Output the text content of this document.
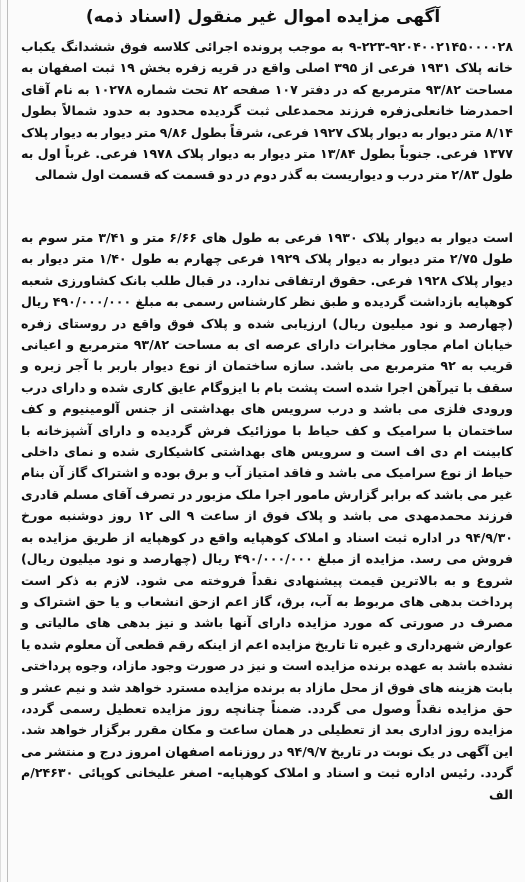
آگهی مزایده اموال غیر منقول (اسناد ذمه)
۹-۲۲۳-۹۲۰۴۰۰۲۱۴۵۰۰۰۰۲۸ به موجب پرونده اجرائی کلاسه فوق ششدانگ یکباب خانه پلاک ۱۹۳۱ فرعی از ۳۹۵ اصلی واقع در قریه زفره بخش ۱۹ ثبت اصفهان به مساحت ۹۳/۸۲ مترمربع که در دفتر ۱۰۷ صفحه ۸۲ تحت شماره ۱۰۲۷۸ به نام آقای احمدرضا خانعلی‌زفره فرزند محمدعلی ثبت گردیده محدود به حدود شمالاً بطول ۸/۱۴ متر دیوار به دیوار پلاک ۱۹۲۷ فرعی، شرقاً بطول ۹/۸۶ متر دیوار به دیوار پلاک ۱۳۷۷ فرعی. جنوباً بطول ۱۳/۸۴ متر دیوار به دیوار پلاک ۱۹۷۸ فرعی. غرباً اول به طول ۲/۸۳ متر درب و دیواریست به گذر دوم در دو قسمت که قسمت اول شمالی
است دیوار به دیوار پلاک ۱۹۳۰ فرعی به طول های ۶/۶۶ متر و ۳/۴۱ متر سوم به طول ۲/۷۵ متر دیوار به دیوار پلاک ۱۹۲۹ فرعی چهارم به طول ۱/۴۰ متر دیوار به دیوار پلاک ۱۹۲۸ فرعی. حقوق ارتفاقی ندارد. در قبال طلب بانک کشاورزی شعبه کوهپایه بازداشت گردیده و طبق نظر کارشناس رسمی به مبلغ ۴۹۰/۰۰۰/۰۰۰ ریال (چهارصد و نود میلیون ریال) ارزیابی شده و پلاک فوق واقع در روستای زفره خیابان امام مجاور مخابرات دارای عرصه ای به مساحت ۹۳/۸۲ مترمربع و اعیانی قریب به ۹۲ مترمربع می باشد. سازه ساختمان از نوع دیوار باربر با آجر زبره و سقف با تیرآهن اجرا شده است پشت بام با ایزوگام عایق کاری شده و دارای درب ورودی فلزی می باشد و درب سرویس های بهداشتی از جنس آلومینیوم و کف ساختمان با سرامیک و کف حیاط با موزائیک فرش گردیده و دارای آشپزخانه با کابینت ام دی اف است و سرویس های بهداشتی کاشیکاری شده و نمای داخلی حیاط از نوع سرامیک می باشد و فاقد امتیاز آب و برق بوده و اشتراک گاز آن بنام غیر می باشد که برابر گزارش مامور اجرا ملک مزبور در تصرف آقای مسلم قادری فرزند محمدمهدی می باشد و پلاک فوق از ساعت ۹ الی ۱۲ روز دوشنبه مورخ ۹۴/۹/۳۰ در اداره ثبت اسناد و املاک کوهپایه واقع در کوهپایه از طریق مزایده به فروش می رسد. مزایده از مبلغ ۴۹۰/۰۰۰/۰۰۰ ریال (چهارصد و نود میلیون ریال) شروع و به بالاترین قیمت پیشنهادی نقداً فروخته می شود. لازم به ذکر است پرداخت بدهی های مربوط به آب، برق، گاز اعم ازحق انشعاب و یا حق اشتراک و مصرف در صورتی که مورد مزایده دارای آنها باشد و نیز بدهی های مالیاتی و عوارض شهرداری و غیره تا تاریخ مزایده اعم از اینکه رقم قطعی آن معلوم شده یا نشده باشد به عهده برنده مزایده است و نیز در صورت وجود مازاد، وجوه پرداختی بابت هزینه های فوق از محل مازاد به برنده مزایده مسترد خواهد شد و نیم عشر و حق مزایده نقداً وصول می گردد. ضمناً چنانچه روز مزایده تعطیل رسمی گردد، مزایده روز اداری بعد از تعطیلی در همان ساعت و مکان مقرر برگزار خواهد شد. این آگهی در یک نوبت در تاریخ ۹۴/۹/۷ در روزنامه اصفهان امروز درج و منتشر می گردد. رئیس اداره ثبت و اسناد و املاک کوهپایه- اصغر علیخانی کوپائی ۲۴۶۳۰/م الف
